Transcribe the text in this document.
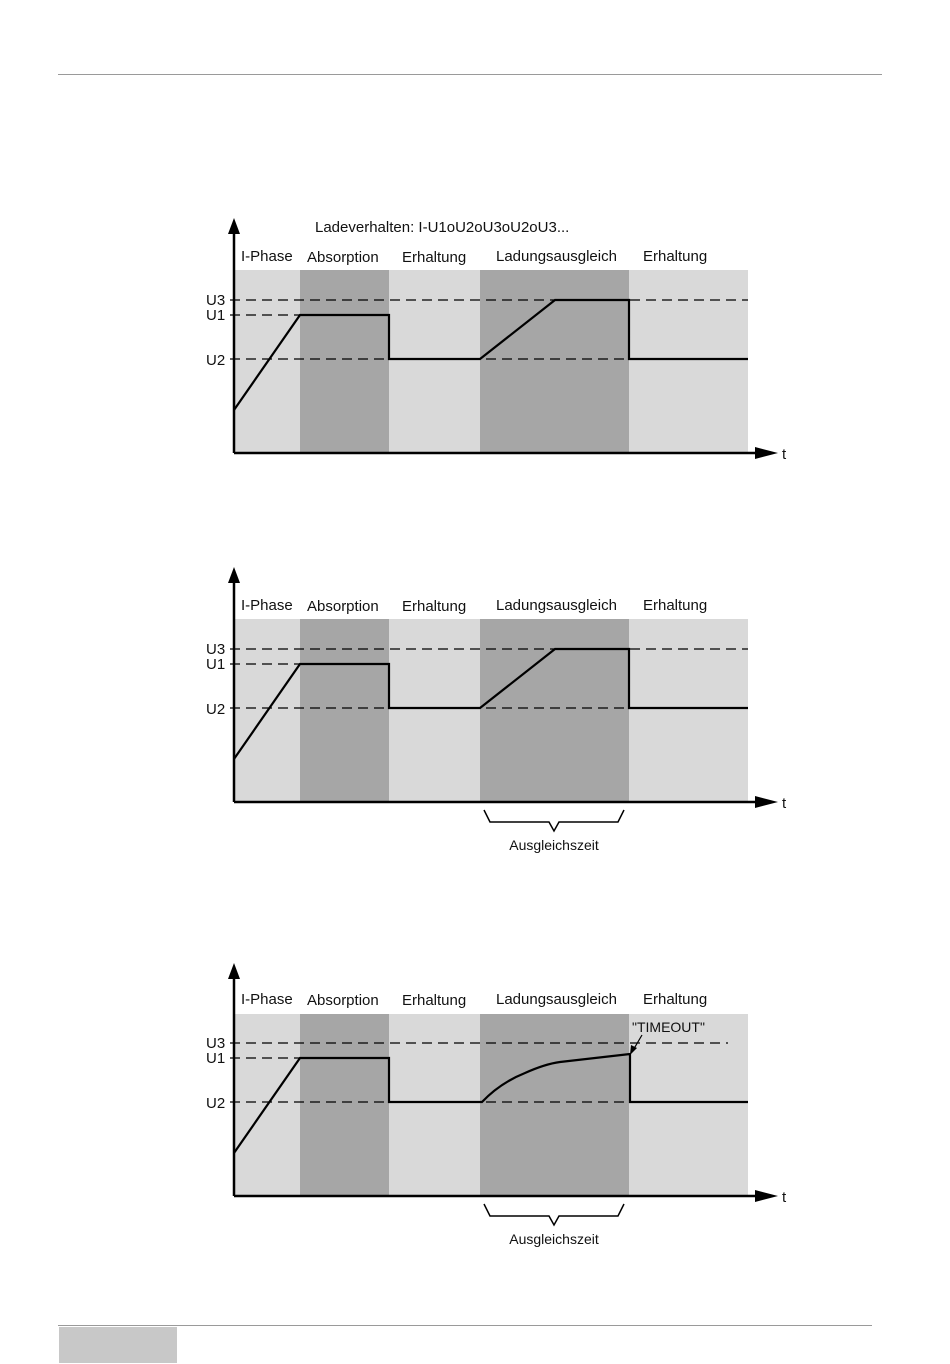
Ladeverhalten: I-U1oU2oU3oU2oU3...
I-Phase Absorption Erhaltung Ladungsausgleich Erhaltung
U3
U1
U2
t
I-Phase Absorption Erhaltung Ladungsausgleich Erhaltung
U3
U1
U2
t
Ausgleichszeit
I-Phase Absorption Erhaltung Ladungsausgleich Erhaltung
U3
U1
U2
"TIMEOUT"
t
Ausgleichszeit
